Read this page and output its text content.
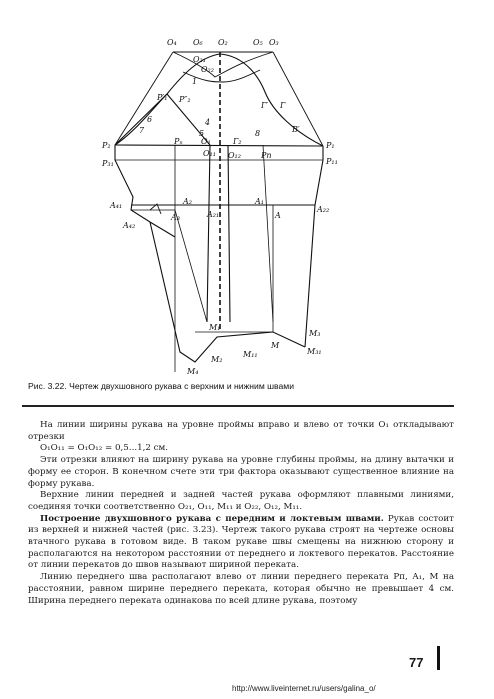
O₄ O₆ O₂	O₅ O₃
O₂₁
O₂₂
P′₁ P″₂
P₂
P₃₁
6
7
4
5	8
1
Pₙ O₁	Г₂
O₁₁ O₁₂
Г′ Г
B′
Pп
P₁
P₁₁
A₄₁	A₂
A₃	A₂₁
A₁
A
A₂₂
A₄₂
M₁
M₂
M₁₁
M
M₃
M₃₁
M₄
Рис. 3.22. Чертеж двухшовного рукава с верхним и нижним швами

На линии ширины рукава на уровне проймы вправо и влево от точки O₁ откладывают отрезки

O₁O₁₁ = O₁O₁₂ = 0,5...1,2 см.

Эти отрезки влияют на ширину рукава на уровне глубины проймы, на длину вытачки и форму ее сторон. В конечном счете эти три фактора оказывают существенное влияние на форму рукава.

Верхние линии передней и задней частей рукава оформляют плавными линиями, соединяя точки соответственно O₂₁, O₁₁, M₁₁ и O₂₂, O₁₂, M₁₁.

Построение двухшовного рукава с передним и локтевым швами. Рукав состоит из верхней и нижней частей (рис. 3.23). Чертеж такого рукава строят на чертеже основы втачного рукава в готовом виде. В таком рукаве швы смещены на нижнюю сторону и располагаются на некотором расстоянии от переднего и локтевого перекатов. Расстояние от линии перекатов до швов называют шириной переката.

Линию переднего шва располагают влево от линии переднего переката Pп, A₁, M на расстоянии, равном ширине переднего переката, которая обычно не превышает 4 см. Ширина переднего переката одинакова по всей длине рукава, поэтому

77
http://www.liveinternet.ru/users/galina_o/
